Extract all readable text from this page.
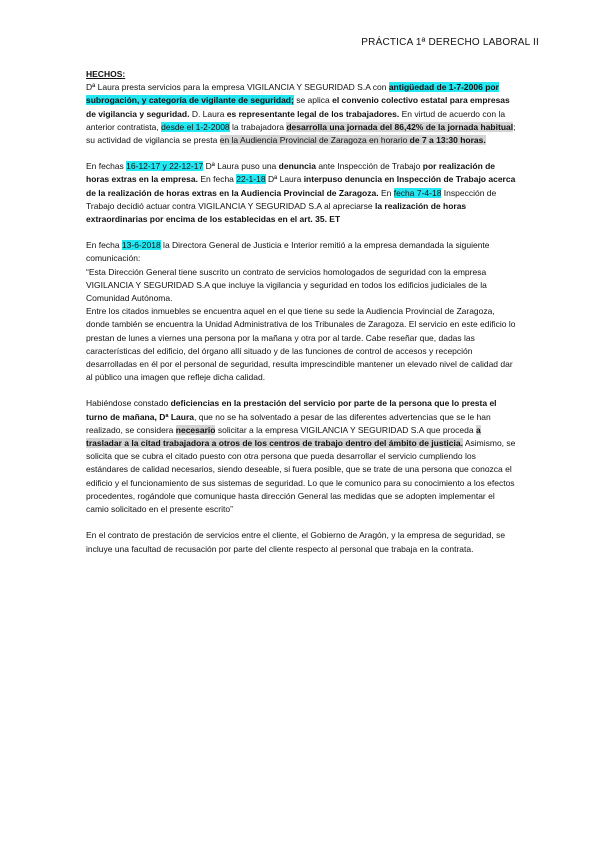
PRÁCTICA 1ª DERECHO LABORAL II
HECHOS:

Dª Laura presta servicios para la empresa VIGILANCIA Y SEGURIDAD S.A con antigüedad de 1-7-2006 por subrogación, y categoría de vigilante de seguridad; se aplica el convenio colectivo estatal para empresas de vigilancia y seguridad. D. Laura es representante legal de los trabajadores. En virtud de acuerdo con la anterior contratista, desde el 1-2-2008 la trabajadora desarrolla una jornada del 86,42% de la jornada habitual; su actividad de vigilancia se presta en la Audiencia Provincial de Zaragoza en horario de 7 a 13:30 horas.

En fechas 16-12-17 y 22-12-17 Dª Laura puso una denuncia ante Inspección de Trabajo por realización de horas extras en la empresa. En fecha 22-1-18 Dª Laura interpuso denuncia en Inspección de Trabajo acerca de la realización de horas extras en la Audiencia Provincial de Zaragoza. En fecha 7-4-18 Inspección de Trabajo decidió actuar contra VIGILANCIA Y SEGURIDAD S.A al apreciarse la realización de horas extraordinarias por encima de los establecidas en el art. 35. ET

En fecha 13-6-2018 la Directora General de Justicia e Interior remitió a la empresa demandada la siguiente comunicación:
“Esta Dirección General tiene suscrito un contrato de servicios homologados de seguridad con la empresa VIGILANCIA Y SEGURIDAD S.A que incluye la vigilancia y seguridad en todos los edificios judiciales de la Comunidad Autónoma.
Entre los citados inmuebles se encuentra aquel en el que tiene su sede la Audiencia Provincial de Zaragoza, donde también se encuentra la Unidad Administrativa de los Tribunales de Zaragoza. El servicio en este edificio lo prestan de lunes a viernes una persona por la mañana y otra por al tarde. Cabe reseñar que, dadas las características del edificio, del órgano allí situado y de las funciones de control de accesos y recepción desarrolladas en él por el personal de seguridad, resulta imprescindible mantener un elevado nivel de calidad dar al público una imagen que refleje dicha calidad.

Habiéndose constado deficiencias en la prestación del servicio por parte de la persona que lo presta el turno de mañana, Dª Laura, que no se ha solventado a pesar de las diferentes advertencias que se le han realizado, se considera necesario solicitar a la empresa VIGILANCIA Y SEGURIDAD S.A que proceda a trasladar a la citad trabajadora a otros de los centros de trabajo dentro del ámbito de justicia. Asimismo, se solicita que se cubra el citado puesto con otra persona que pueda desarrollar el servicio cumpliendo los estándares de calidad necesarios, siendo deseable, si fuera posible, que se trate de una persona que conozca el edificio y el funcionamiento de sus sistemas de seguridad. Lo que le comunico para su conocimiento a los efectos procedentes, rogándole que comunique hasta dirección General las medidas que se adopten implementar el camio solicitado en el presente escrito”

En el contrato de prestación de servicios entre el cliente, el Gobierno de Aragón, y la empresa de seguridad, se incluye una facultad de recusación por parte del cliente respecto al personal que trabaja en la contrata.
